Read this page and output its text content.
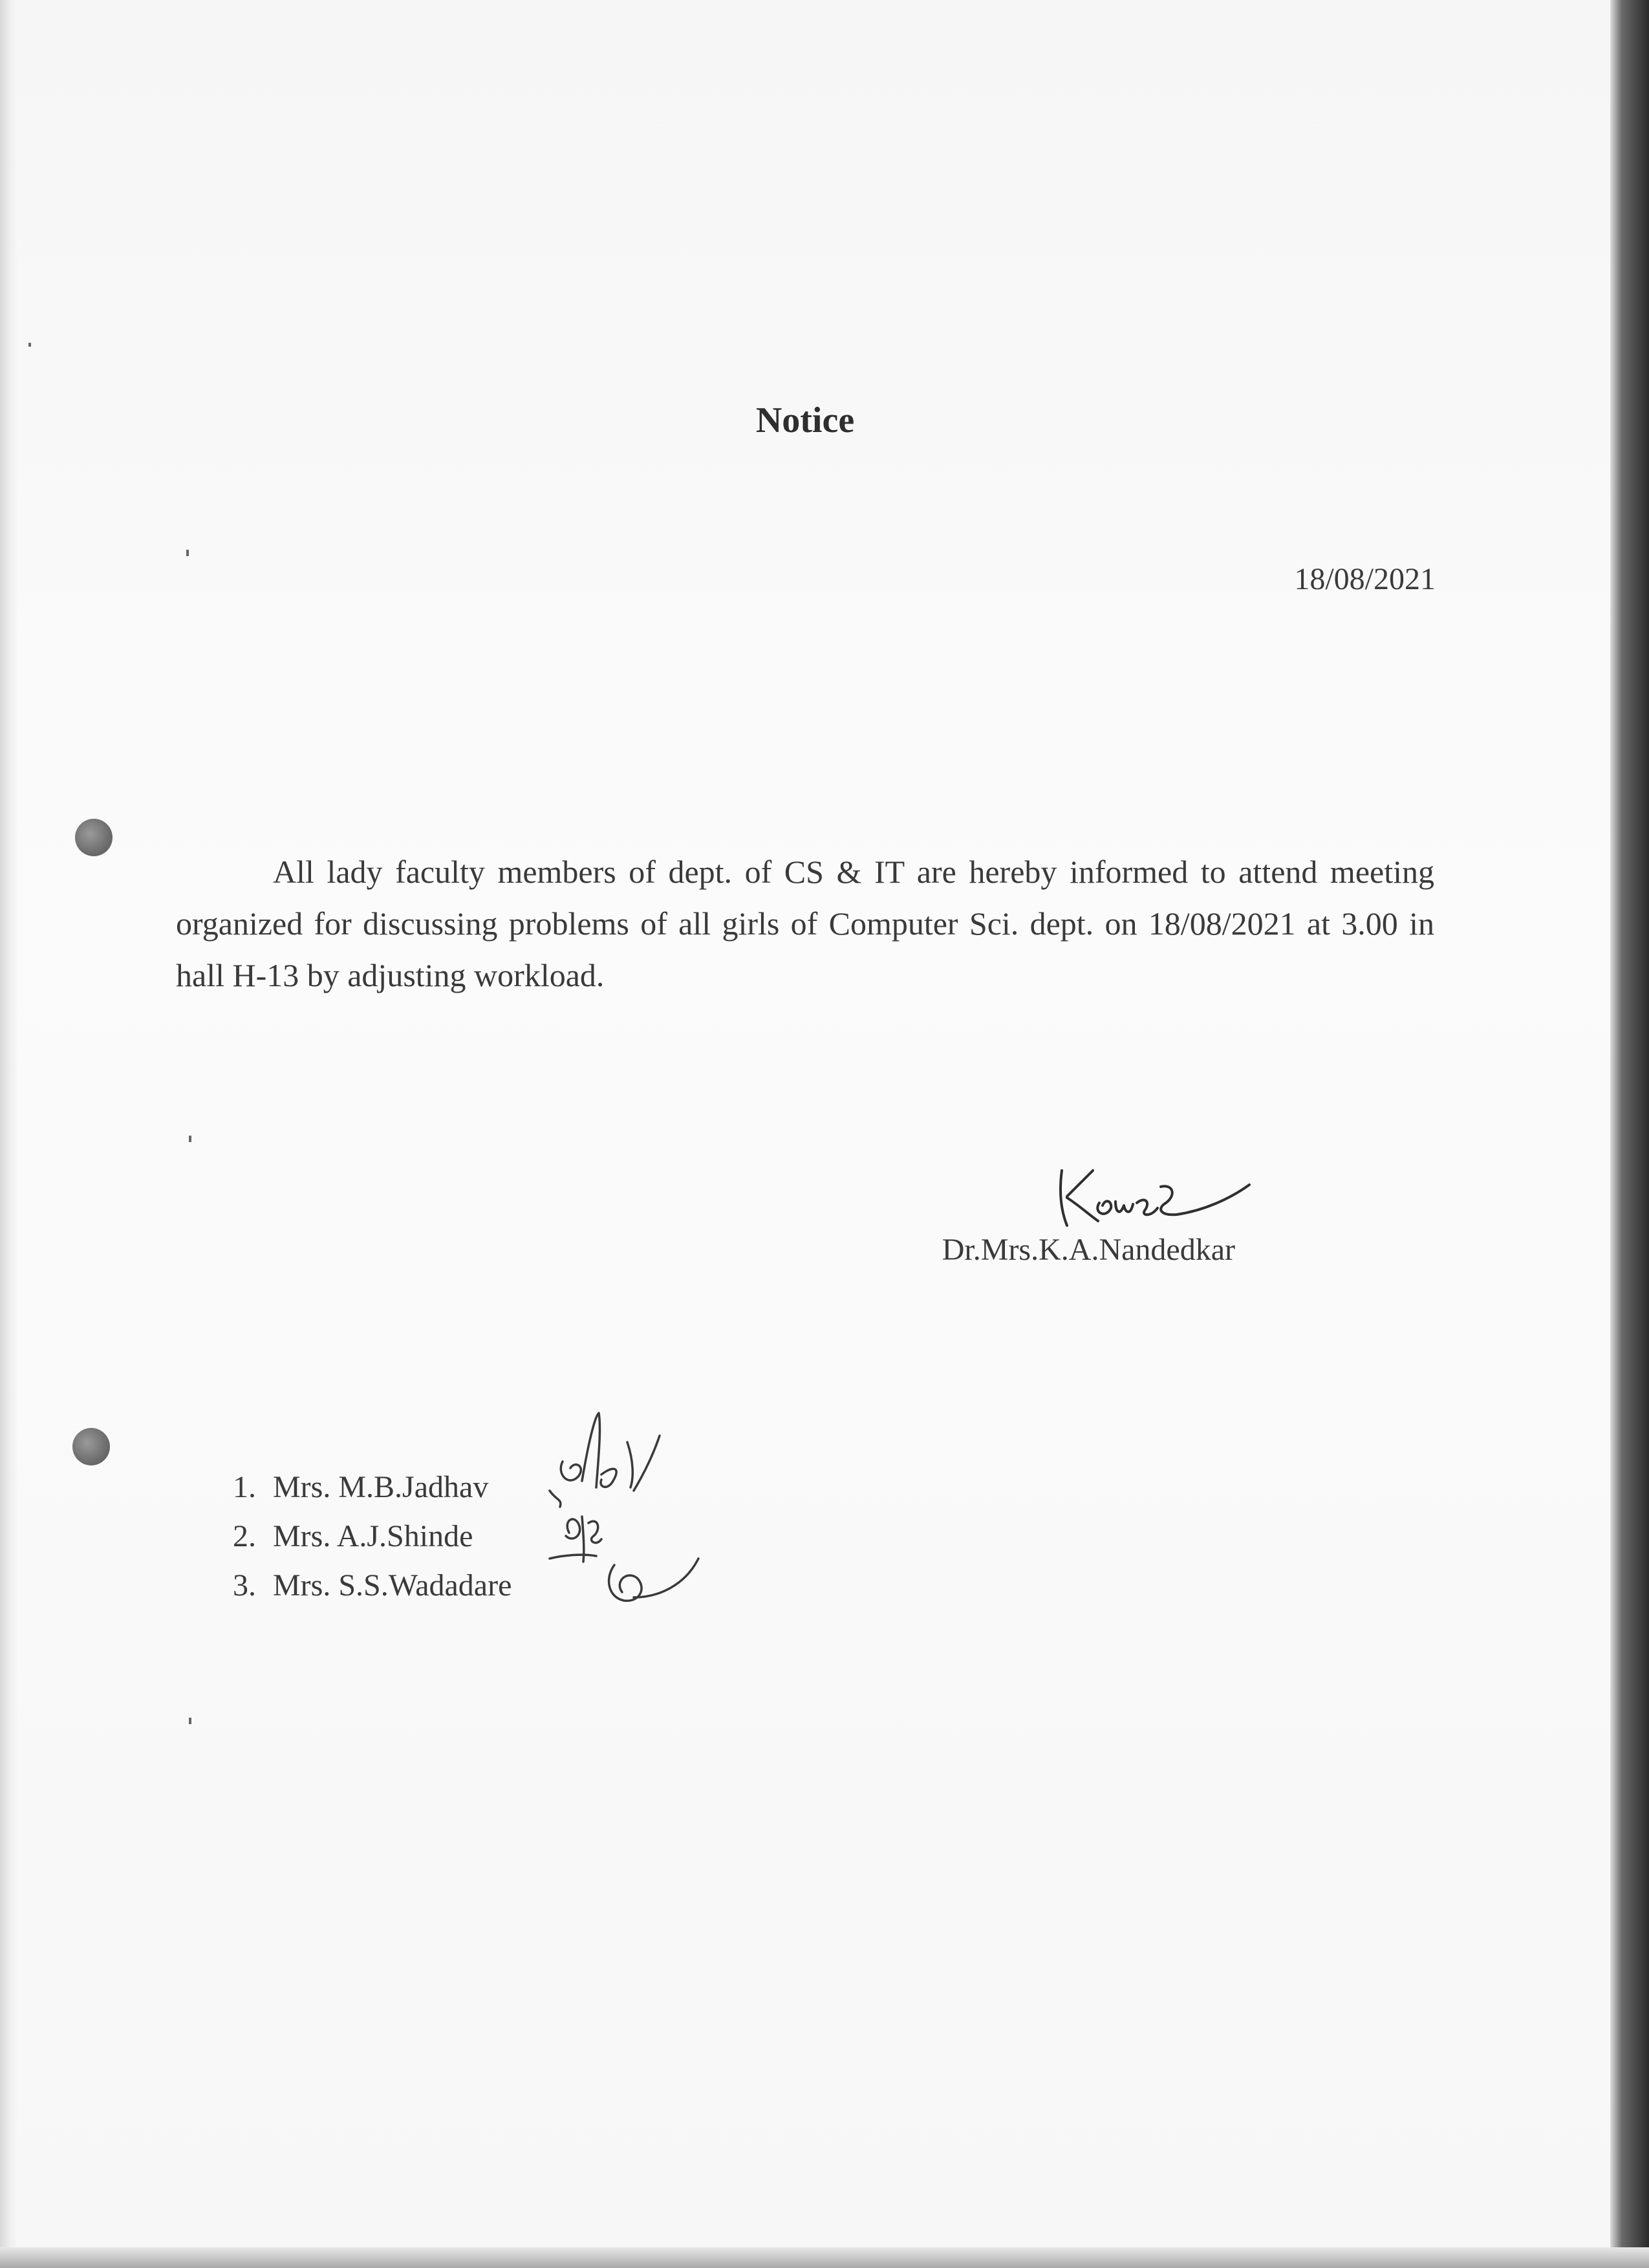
Notice
18/08/2021
All lady faculty members of dept. of CS & IT are hereby informed to attend meeting organized for discussing problems of all girls of Computer Sci. dept. on 18/08/2021 at 3.00 in hall H-13 by adjusting workload.
Dr.Mrs.K.A.Nandedkar
1. Mrs. M.B.Jadhav
2. Mrs. A.J.Shinde
3. Mrs. S.S.Wadadare
